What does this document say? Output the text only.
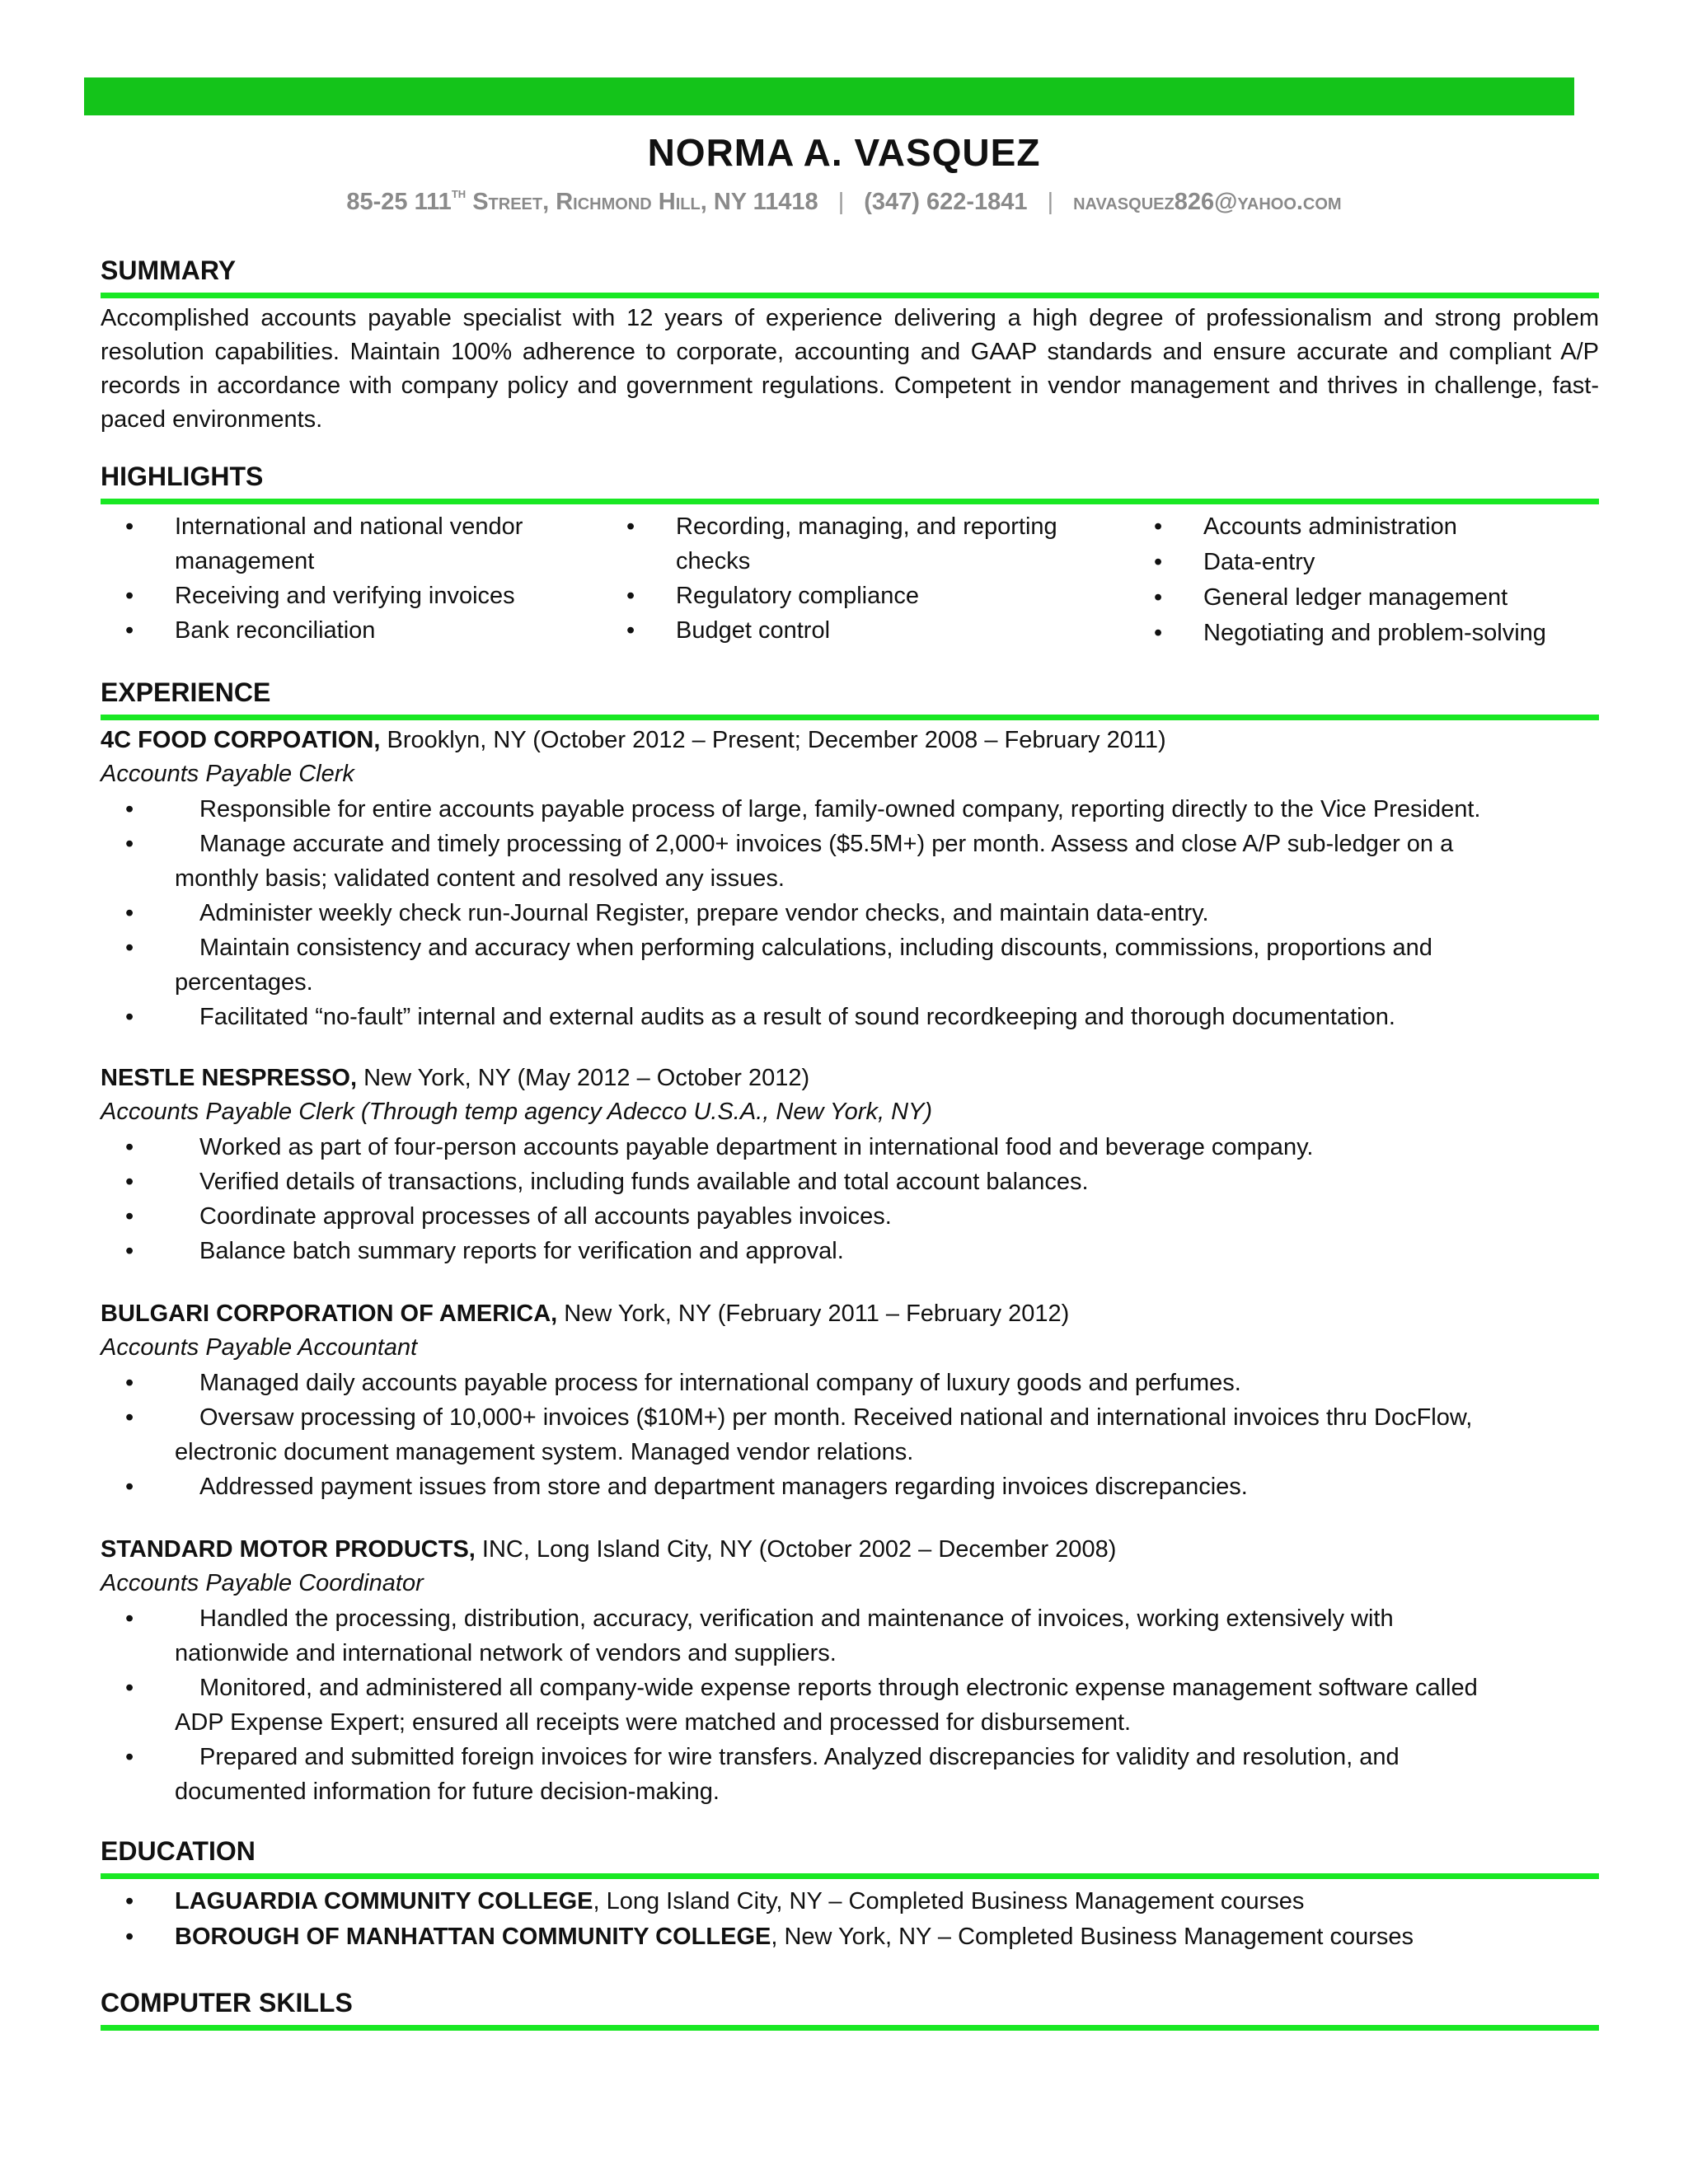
NORMA A. VASQUEZ
85-25 111TH Street, Richmond Hill, NY 11418 | (347) 622-1841 | navasquez826@yahoo.com
SUMMARY
Accomplished accounts payable specialist with 12 years of experience delivering a high degree of professionalism and strong problem resolution capabilities. Maintain 100% adherence to corporate, accounting and GAAP standards and ensure accurate and compliant A/P records in accordance with company policy and government regulations. Competent in vendor management and thrives in challenge, fast-paced environments.
HIGHLIGHTS
• International and national vendor management
• Receiving and verifying invoices
• Bank reconciliation
• Recording, managing, and reporting checks
• Regulatory compliance
• Budget control
• Accounts administration
• Data-entry
• General ledger management
• Negotiating and problem-solving
EXPERIENCE
4C FOOD CORPOATION, Brooklyn, NY (October 2012 – Present; December 2008 – February 2011)
Accounts Payable Clerk
•	Responsible for entire accounts payable process of large, family-owned company, reporting directly to the Vice President.
•	Manage accurate and timely processing of 2,000+ invoices ($5.5M+) per month. Assess and close A/P sub-ledger on a
monthly basis; validated content and resolved any issues.
•	Administer weekly check run-Journal Register, prepare vendor checks, and maintain data-entry.
•	Maintain consistency and accuracy when performing calculations, including discounts, commissions, proportions and
percentages.
•	Facilitated “no-fault” internal and external audits as a result of sound recordkeeping and thorough documentation.
NESTLE NESPRESSO, New York, NY (May 2012 – October 2012)
Accounts Payable Clerk (Through temp agency Adecco U.S.A., New York, NY)
•	Worked as part of four-person accounts payable department in international food and beverage company.
•	Verified details of transactions, including funds available and total account balances.
•	Coordinate approval processes of all accounts payables invoices.
•	Balance batch summary reports for verification and approval.
BULGARI CORPORATION OF AMERICA, New York, NY (February 2011 – February 2012)
Accounts Payable Accountant
•	Managed daily accounts payable process for international company of luxury goods and perfumes.
•	Oversaw processing of 10,000+ invoices ($10M+) per month. Received national and international invoices thru DocFlow,
electronic document management system. Managed vendor relations.
•	Addressed payment issues from store and department managers regarding invoices discrepancies.
STANDARD MOTOR PRODUCTS, INC, Long Island City, NY (October 2002 – December 2008)
Accounts Payable Coordinator
•	Handled the processing, distribution, accuracy, verification and maintenance of invoices, working extensively with
nationwide and international network of vendors and suppliers.
•	Monitored, and administered all company-wide expense reports through electronic expense management software called
ADP Expense Expert; ensured all receipts were matched and processed for disbursement.
•	Prepared and submitted foreign invoices for wire transfers. Analyzed discrepancies for validity and resolution, and
documented information for future decision-making.
EDUCATION
• LAGUARDIA COMMUNITY COLLEGE, Long Island City, NY – Completed Business Management courses
• BOROUGH OF MANHATTAN COMMUNITY COLLEGE, New York, NY – Completed Business Management courses
COMPUTER SKILLS
